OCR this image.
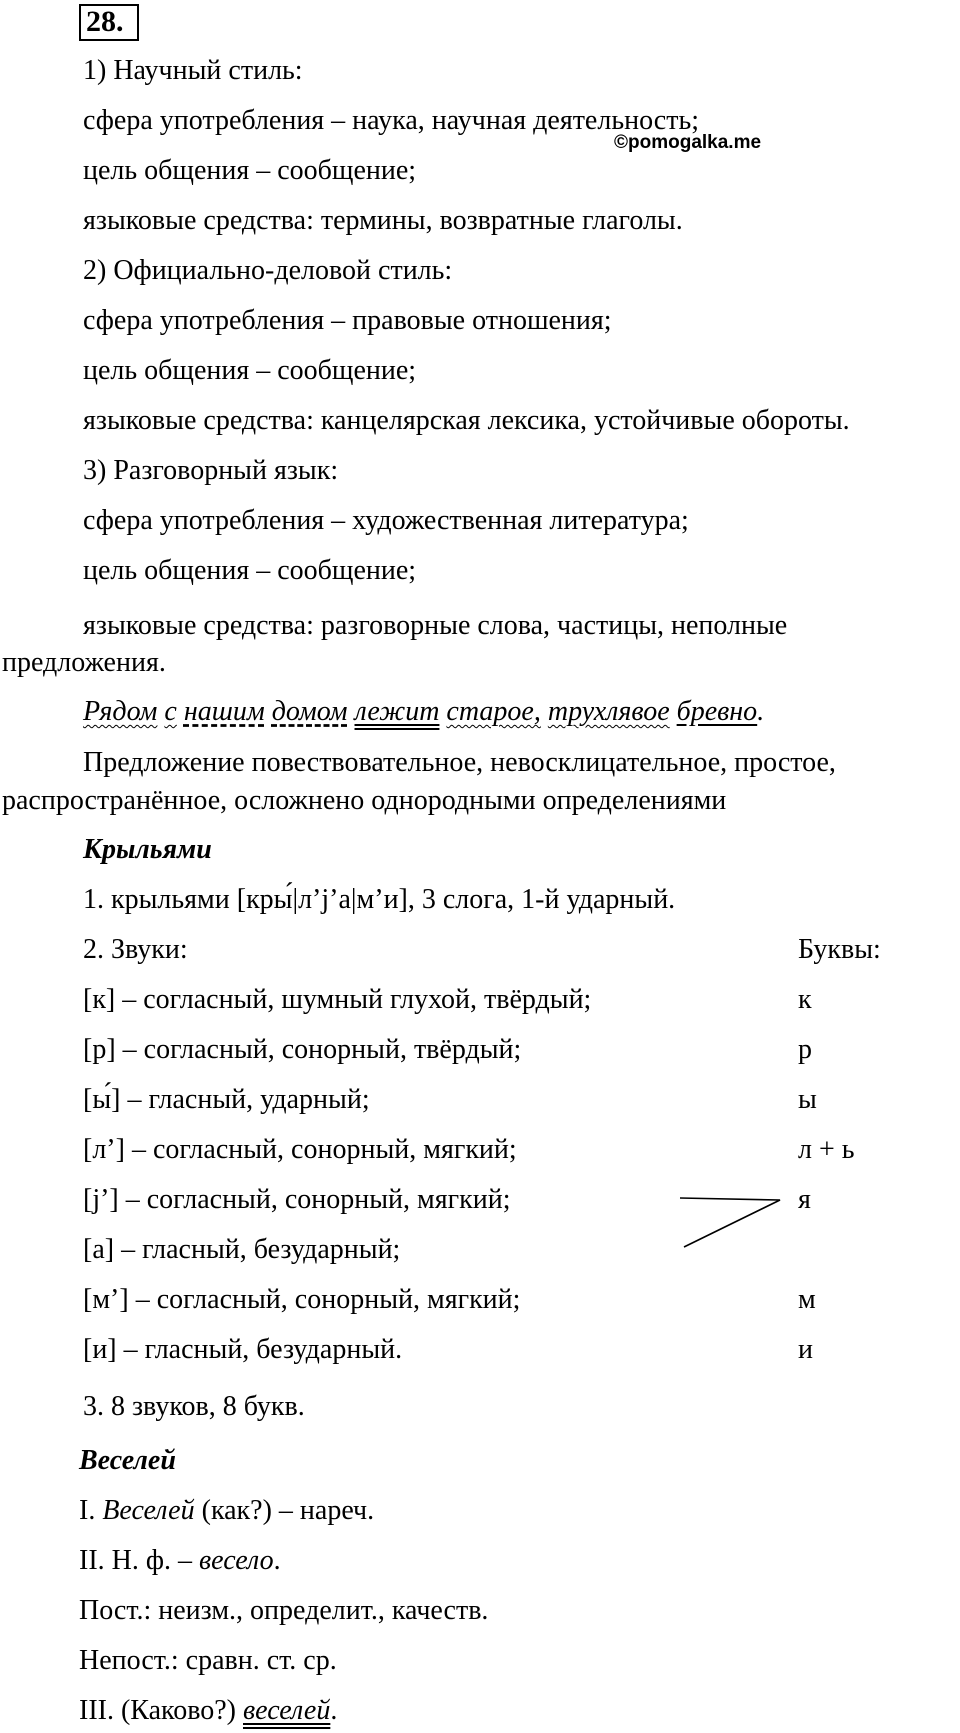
28.
©pomogalka.me
1) Научный стиль:
сфера употребления – наука, научная деятельность;
цель общения – сообщение;
языковые средства: термины, возвратные глаголы.
2) Официально-деловой стиль:
сфера употребления – правовые отношения;
цель общения – сообщение;
языковые средства: канцелярская лексика, устойчивые обороты.
3) Разговорный язык:
сфера употребления – художественная литература;
цель общения – сообщение;
языковые средства: разговорные слова, частицы, неполные
предложения.
Рядом с нашим домом лежит старое, трухлявое бревно.
Предложение повествовательное, невосклицательное, простое,
распространённое, осложнено однородными определениями
Крыльями
1. крыльями [кры́|л’j’а|м’и], 3 слога, 1-й ударный.
2. Звуки:	Буквы:
[к] – согласный, шумный глухой, твёрдый;	к
[р] – согласный, сонорный, твёрдый;	р
[ы́] – гласный, ударный;	ы
[л’] – согласный, сонорный, мягкий;	л + ь
[j’] – согласный, сонорный, мягкий;	я
[а] – гласный, безударный;
[м’] – согласный, сонорный, мягкий;	м
[и] – гласный, безударный.	и
3. 8 звуков, 8 букв.
Веселей
I. Веселей (как?) – нареч.
II. Н. ф. – весело.
Пост.: неизм., определит., качеств.
Непост.: сравн. ст. ср.
III. (Каково?) веселей.
